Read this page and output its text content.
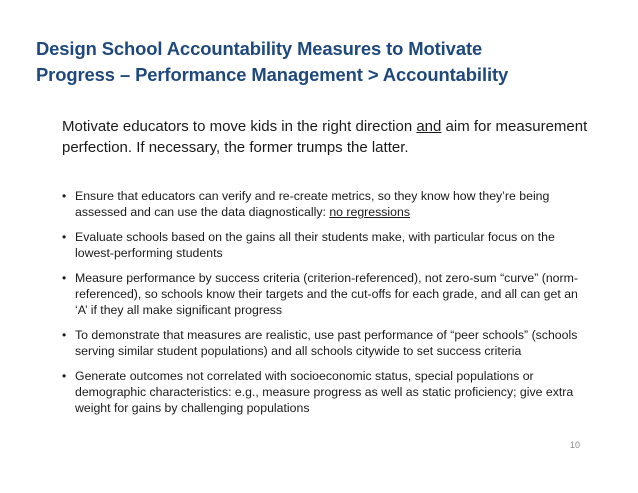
Design School Accountability Measures to Motivate
Progress – Performance Management > Accountability

Motivate educators to move kids in the right direction and aim for measurement perfection. If necessary, the former trumps the latter.

• Ensure that educators can verify and re-create metrics, so they know how they’re being assessed and can use the data diagnostically: no regressions
• Evaluate schools based on the gains all their students make, with particular focus on the lowest-performing students
• Measure performance by success criteria (criterion-referenced), not zero-sum “curve” (norm-referenced), so schools know their targets and the cut-offs for each grade, and all can get an ‘A’ if they all make significant progress
• To demonstrate that measures are realistic, use past performance of “peer schools” (schools serving similar student populations) and all schools citywide to set success criteria
• Generate outcomes not correlated with socioeconomic status, special populations or demographic characteristics: e.g., measure progress as well as static proficiency; give extra weight for gains by challenging populations
10
